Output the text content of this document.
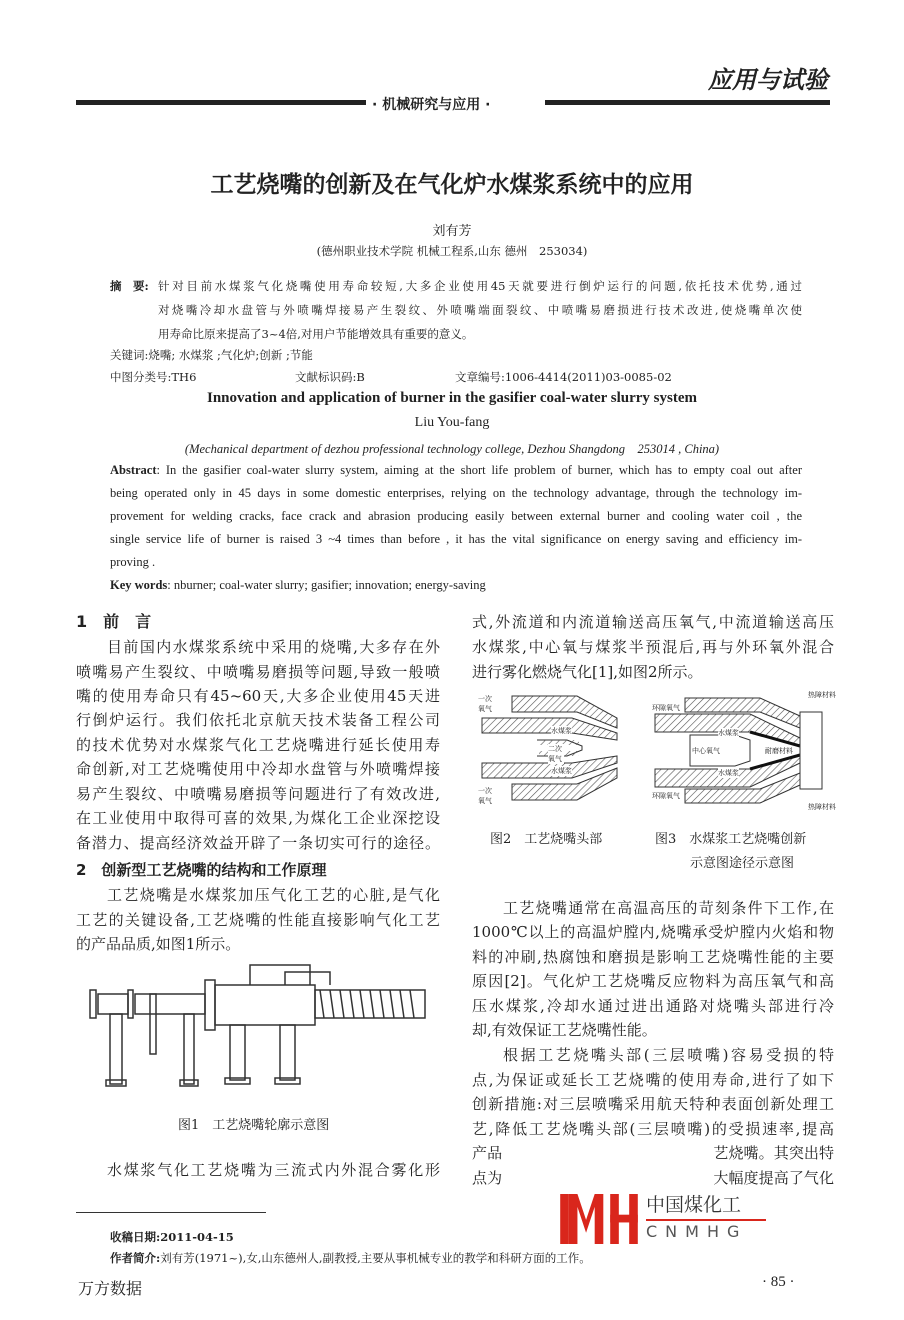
应用与试验
· 机械研究与应用 ·
工艺烧嘴的创新及在气化炉水煤浆系统中的应用
刘有芳
(德州职业技术学院 机械工程系,山东 德州　253034)
摘　要: 针对目前水煤浆气化烧嘴使用寿命较短,大多企业使用45天就要进行倒炉运行的问题,依托技术优势,通过
对烧嘴冷却水盘管与外喷嘴焊接易产生裂纹、外喷嘴端面裂纹、中喷嘴易磨损进行技术改进,使烧嘴单次使
用寿命比原来提高了3~4倍,对用户节能增效具有重要的意义。
关键词:烧嘴; 水煤浆 ;气化炉;创新 ;节能
中图分类号:TH6	文献标识码:B	文章编号:1006-4414(2011)03-0085-02
Innovation and application of burner in the gasifier coal-water slurry system
Liu You-fang
(Mechanical department of dezhou professional technology college, Dezhou Shangdong　253014 , China)
Abstract: In the gasifier coal-water slurry system, aiming at the short life problem of burner, which has to empty coal out after
being operated only in 45 days in some domestic enterprises, relying on the technology advantage, through the technology im-
provement for welding cracks, face crack and abrasion producing easily between external burner and cooling water coil , the
single service life of burner is raised 3 ~4 times than before , it has the vital significance on energy saving and efficiency im-
proving .
Key words: nburner; coal-water slurry; gasifier; innovation; energy-saving
1　前　言
目前国内水煤浆系统中采用的烧嘴,大多存在外
喷嘴易产生裂纹、中喷嘴易磨损等问题,导致一般喷
嘴的使用寿命只有45~60天,大多企业使用45天进
行倒炉运行。我们依托北京航天技术装备工程公司
的技术优势对水煤浆气化工艺烧嘴进行延长使用寿
命创新,对工艺烧嘴使用中冷却水盘管与外喷嘴焊接
易产生裂纹、中喷嘴易磨损等问题进行了有效改进,
在工业使用中取得可喜的效果,为煤化工企业深挖设
备潜力、提高经济效益开辟了一条切实可行的途径。
2　创新型工艺烧嘴的结构和工作原理
工艺烧嘴是水煤浆加压气化工艺的心脏,是气化
工艺的关键设备,工艺烧嘴的性能直接影响气化工艺
的产品品质,如图1所示。
图1　工艺烧嘴轮廓示意图
水煤浆气化工艺烧嘴为三流式内外混合雾化形
式,外流道和内流道输送高压氧气,中流道输送高压
水煤浆,中心氧与煤浆半预混后,再与外环氧外混合
进行雾化燃烧气化[1],如图2所示。
一次氧气
水煤浆
二次氧气
水煤浆
一次氧气
环隙氧气
热障材料
水煤浆
中心氧气	耐磨材料
水煤浆
环隙氧气
热障材料
图2　工艺烧嘴头部	图3　水煤浆工艺烧嘴创新
示意图途径示意图
工艺烧嘴通常在高温高压的苛刻条件下工作,在
1000℃以上的高温炉膛内,烧嘴承受炉膛内火焰和物
料的冲刷,热腐蚀和磨损是影响工艺烧嘴性能的主要
原因[2]。气化炉工艺烧嘴反应物料为高压氧气和高
压水煤浆,冷却水通过进出通路对烧嘴头部进行冷
却,有效保证工艺烧嘴性能。
根据工艺烧嘴头部(三层喷嘴)容易受损的特
点,为保证或延长工艺烧嘴的使用寿命,进行了如下
创新措施:对三层喷嘴采用航天特种表面创新处理工
艺,降低工艺烧嘴头部(三层喷嘴)的受损速率,提高
产品　　　　　　　　　　　　　　艺烧嘴。其突出特
点为　　　　　　　　　　　　　　大幅度提高了气化
中国煤化工
CNMHG
收稿日期:2011-04-15
作者简介:刘有芳(1971~),女,山东德州人,副教授,主要从事机械专业的教学和科研方面的工作。
万方数据	· 85 ·
